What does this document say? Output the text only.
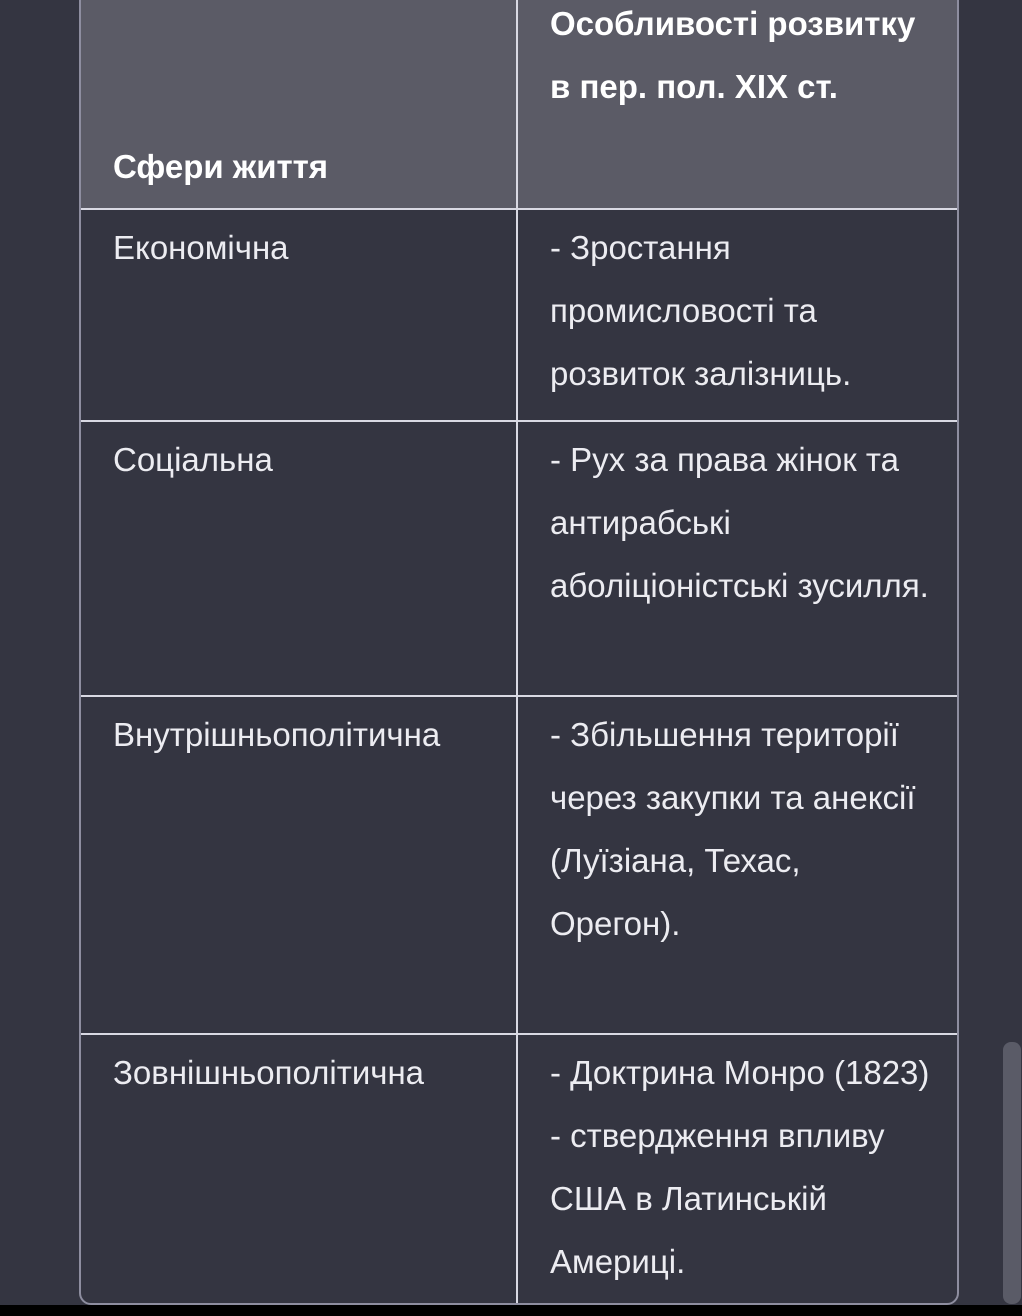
Сфери життя	Особливості розвитку в пер. пол. XIX ст.
Економічна	- Зростання промисловості та розвиток залізниць.
Соціальна	- Рух за права жінок та антирабські аболіціоністські зусилля.
Внутрішньополітична	- Збільшення території через закупки та анексії (Луїзіана, Техас, Орегон).
Зовнішньополітична	- Доктрина Монро (1823) - ствердження впливу США в Латинській Америці.
